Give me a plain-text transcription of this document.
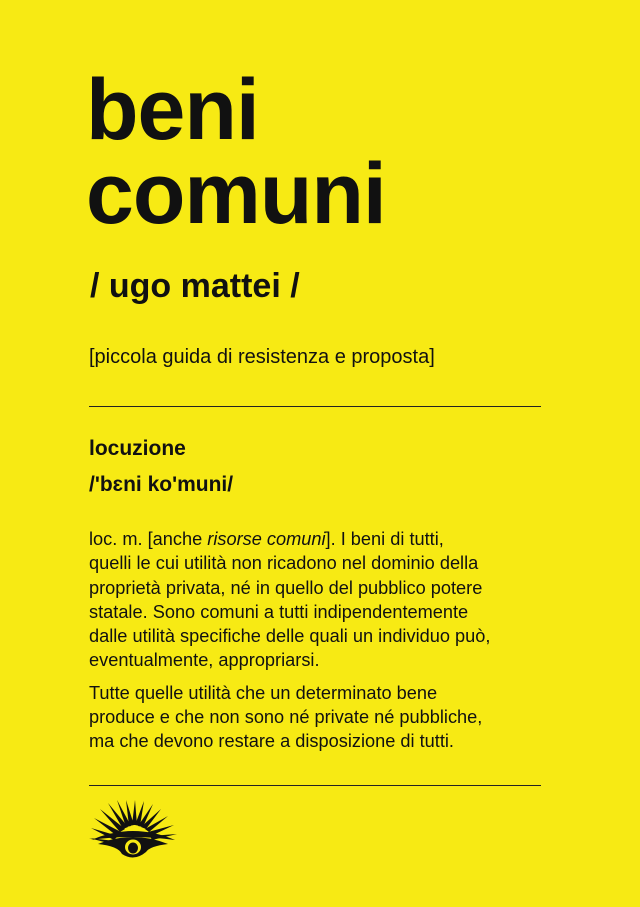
beni
comuni

/ ugo mattei /

[piccola guida di resistenza e proposta]

locuzione

/'bɛni ko'muni/

loc. m. [anche risorse comuni]. I beni di tutti,
quelli le cui utilità non ricadono nel dominio della
proprietà privata, né in quello del pubblico potere
statale. Sono comuni a tutti indipendentemente
dalle utilità specifiche delle quali un individuo può,
eventualmente, appropriarsi.

Tutte quelle utilità che un determinato bene
produce e che non sono né private né pubbliche,
ma che devono restare a disposizione di tutti.
